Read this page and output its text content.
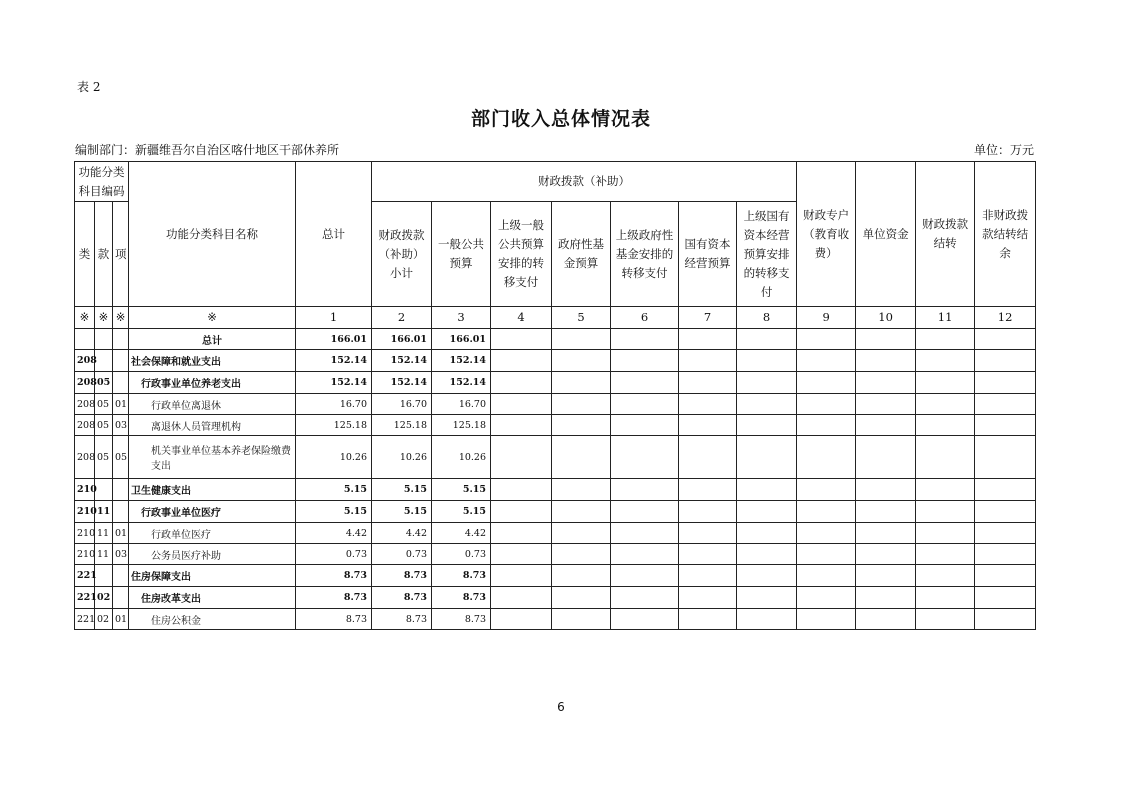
表 2
部门收入总体情况表
编制部门：新疆维吾尔自治区喀什地区干部休养所	单位：万元
功能分类科目编码			功能分类科目名称	总计	财政拨款（补助）							财政专户（教育收费）	单位资金	财政拨款结转	非财政拨款结转结余
类	款	项			财政拨款（补助）小计	一般公共预算	上级一般公共预算安排的转移支付	政府性基金预算	上级政府性基金安排的转移支付	国有资本经营预算	上级国有资本经营预算安排的转移支付				
※	※	※	※	1	2	3	4	5	6	7	8	9	10	11	12
			总计	166.01	166.01	166.01									
208			社会保障和就业支出	152.14	152.14	152.14									
208	05		行政事业单位养老支出	152.14	152.14	152.14									
208	05	01	行政单位离退休	16.70	16.70	16.70									
208	05	03	离退休人员管理机构	125.18	125.18	125.18									
208	05	05	机关事业单位基本养老保险缴费支出	10.26	10.26	10.26									
210			卫生健康支出	5.15	5.15	5.15									
210	11		行政事业单位医疗	5.15	5.15	5.15									
210	11	01	行政单位医疗	4.42	4.42	4.42									
210	11	03	公务员医疗补助	0.73	0.73	0.73									
221			住房保障支出	8.73	8.73	8.73									
221	02		住房改革支出	8.73	8.73	8.73									
221	02	01	住房公积金	8.73	8.73	8.73									
6
